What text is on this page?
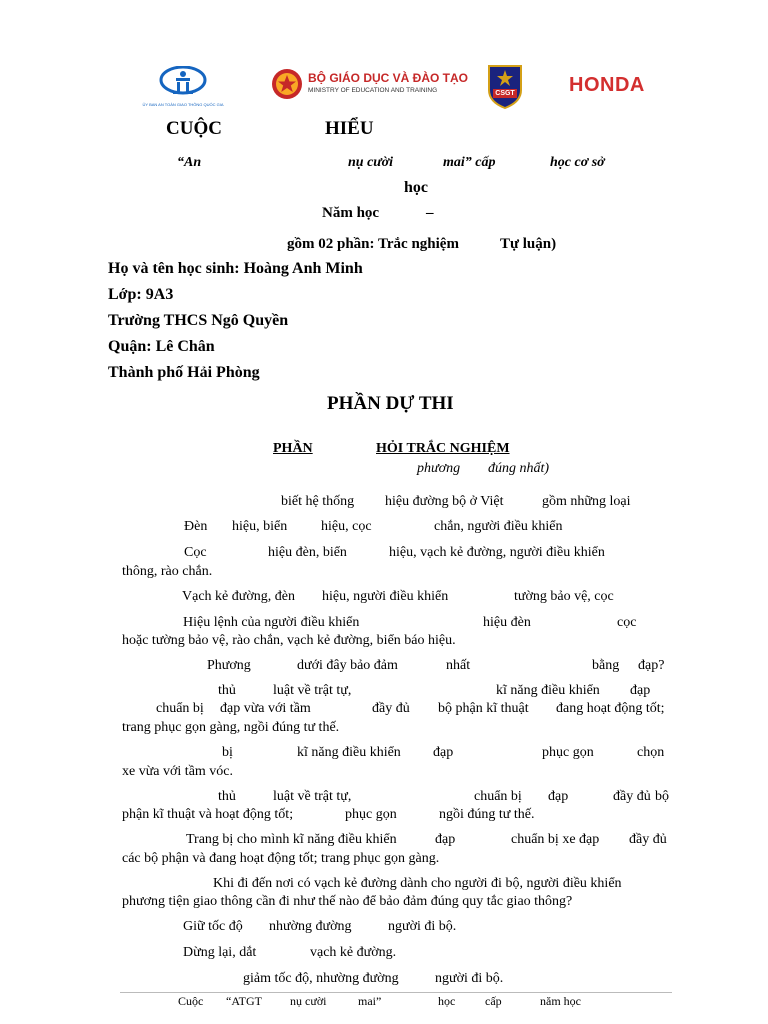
ỦY BAN AN TOÀN GIAO THÔNG QUỐC GIA
BỘ GIÁO DỤC VÀ ĐÀO TẠO
MINISTRY OF EDUCATION AND TRAINING	CSGT	HONDA
CUỘC	HIỂU
“An	nụ cười	mai” cấp	học cơ sở
học
Năm học	–
gồm 02 phần: Trắc nghiệm	Tự luận)
Họ và tên học sinh: Hoàng Anh Minh
Lớp: 9A3
Trường THCS Ngô Quyền
Quận: Lê Chân
Thành phố Hải Phòng
PHẦN DỰ THI
PHẦN	HỎI TRẮC NGHIỆM
phương đúng nhất)
biết hệ thống hiệu đường bộ ở Việt	gồm những loại
Đèn hiệu, biển hiệu, cọc	chắn, người điều khiển
Cọc	hiệu đèn, biển	hiệu, vạch kẻ đường, người điều khiển
thông, rào chắn.
Vạch kẻ đường, đèn hiệu, người điều khiển	tường bảo vệ, cọc
Hiệu lệnh của người điều khiển	hiệu đèn	cọc
hoặc tường bảo vệ, rào chắn, vạch kẻ đường, biển báo hiệu.
Phương	dưới đây bảo đảm	nhất	bằng đạp?
thủ	luật về trật tự,	kĩ năng điều khiển đạp
chuẩn bị đạp vừa với tầm	đầy đủ bộ phận kĩ thuật đang hoạt động tốt;
trang phục gọn gàng, ngồi đúng tư thế.
bị	kĩ năng điều khiển đạp	phục gọn	chọn
xe vừa với tầm vóc.
thủ	luật về trật tự,	chuẩn bị đạp	đầy đủ bộ
phận kĩ thuật và hoạt động tốt;	phục gọn	ngồi đúng tư thế.
Trang bị cho mình kĩ năng điều khiển	đạp	chuẩn bị xe đạp đầy đủ
các bộ phận và đang hoạt động tốt; trang phục gọn gàng.
Khi đi đến nơi có vạch kẻ đường dành cho người đi bộ, người điều khiển
phương tiện giao thông cần đi như thế nào để bảo đảm đúng quy tắc giao thông?
Giữ tốc độ nhường đường	người đi bộ.
Dừng lại, dắt	vạch kẻ đường.
giảm tốc độ, nhường đường	người đi bộ.
Cuộc “ATGT nụ cười	mai”	học cấp	năm học
